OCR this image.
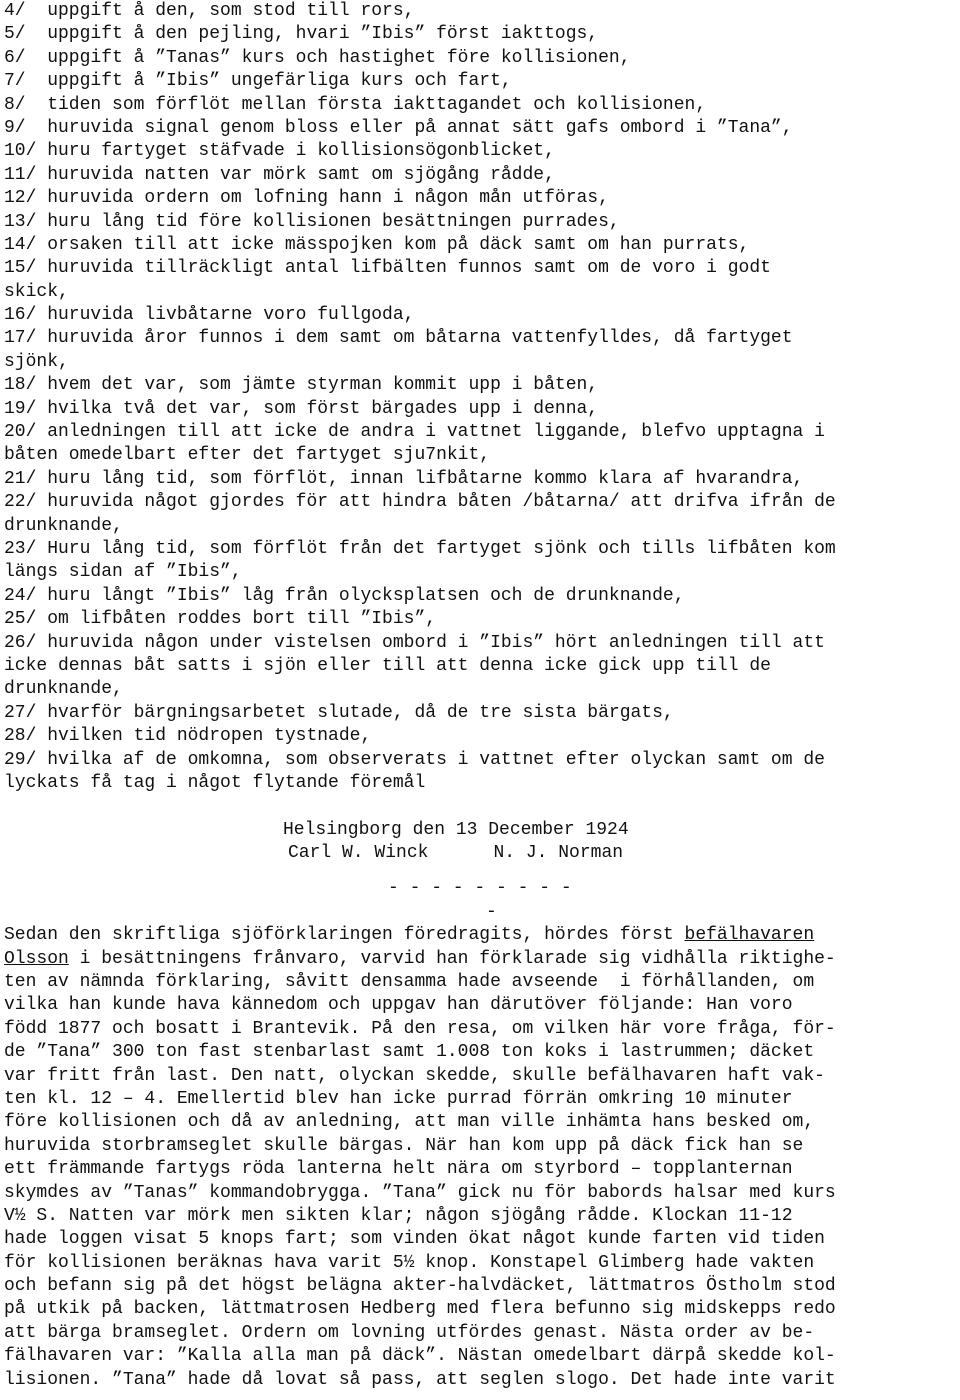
4/  uppgift å den, som stod till rors,
5/  uppgift å den pejling, hvari ”Ibis” först iakttogs,
6/  uppgift å ”Tanas” kurs och hastighet före kollisionen,
7/  uppgift å ”Ibis” ungefärliga kurs och fart,
8/  tiden som förflöt mellan första iakttagandet och kollisionen,
9/  huruvida signal genom bloss eller på annat sätt gafs ombord i ”Tana”,
10/ huru fartyget stäfvade i kollisionsögonblicket,
11/ huruvida natten var mörk samt om sjögång rådde,
12/ huruvida ordern om lofning hann i någon mån utföras,
13/ huru lång tid före kollisionen besättningen purrades,
14/ orsaken till att icke mässpojken kom på däck samt om han purrats,
15/ huruvida tillräckligt antal lifbälten funnos samt om de voro i godt
skick,
16/ huruvida livbåtarne voro fullgoda,
17/ huruvida åror funnos i dem samt om båtarna vattenfylldes, då fartyget
sjönk,
18/ hvem det var, som jämte styrman kommit upp i båten,
19/ hvilka två det var, som först bärgades upp i denna,
20/ anledningen till att icke de andra i vattnet liggande, blefvo upptagna i
båten omedelbart efter det fartyget sju7nkit,
21/ huru lång tid, som förflöt, innan lifbåtarne kommo klara af hvarandra,
22/ huruvida något gjordes för att hindra båten /båtarna/ att drifva ifrån de
drunknande,
23/ Huru lång tid, som förflöt från det fartyget sjönk och tills lifbåten kom
längs sidan af ”Ibis”,
24/ huru långt ”Ibis” låg från olycksplatsen och de drunknande,
25/ om lifbåten roddes bort till ”Ibis”,
26/ huruvida någon under vistelsen ombord i ”Ibis” hört anledningen till att
icke dennas båt satts i sjön eller till att denna icke gick upp till de
drunknande,
27/ hvarför bärgningsarbetet slutade, då de tre sista bärgats,
28/ hvilken tid nödropen tystnade,
29/ hvilka af de omkomna, som observerats i vattnet efter olyckan samt om de
lyckats få tag i något flytande föremål
Helsingborg den 13 December 1924
Carl W. Winck	N. J. Norman
- - - - - - - - -
-
Sedan den skriftliga sjöförklaringen föredragits, hördes först befälhavaren
Olsson i besättningens frånvaro, varvid han förklarade sig vidhålla riktighe-
ten av nämnda förklaring, såvitt densamma hade avseende  i förhållanden, om
vilka han kunde hava kännedom och uppgav han därutöver följande: Han voro
född 1877 och bosatt i Brantevik. På den resa, om vilken här vore fråga, för-
de ”Tana” 300 ton fast stenbarlast samt 1.008 ton koks i lastrummen; däcket
var fritt från last. Den natt, olyckan skedde, skulle befälhavaren haft vak-
ten kl. 12 – 4. Emellertid blev han icke purrad förrän omkring 10 minuter
före kollisionen och då av anledning, att man ville inhämta hans besked om,
huruvida storbramseglet skulle bärgas. När han kom upp på däck fick han se
ett främmande fartygs röda lanterna helt nära om styrbord – topplanternan
skymdes av ”Tanas” kommandobrygga. ”Tana” gick nu för babords halsar med kurs
V½ S. Natten var mörk men sikten klar; någon sjögång rådde. Klockan 11-12
hade loggen visat 5 knops fart; som vinden ökat något kunde farten vid tiden
för kollisionen beräknas hava varit 5½ knop. Konstapel Glimberg hade vakten
och befann sig på det högst belägna akter-halvdäcket, lättmatros Östholm stod
på utkik på backen, lättmatrosen Hedberg med flera befunno sig midskepps redo
att bärga bramseglet. Ordern om lovning utfördes genast. Nästa order av be-
fälhavaren var: ”Kalla alla man på däck”. Nästan omedelbart därpå skedde kol-
lisionen. ”Tana” hade då lovat så pass, att seglen slogo. Det hade inte varit
